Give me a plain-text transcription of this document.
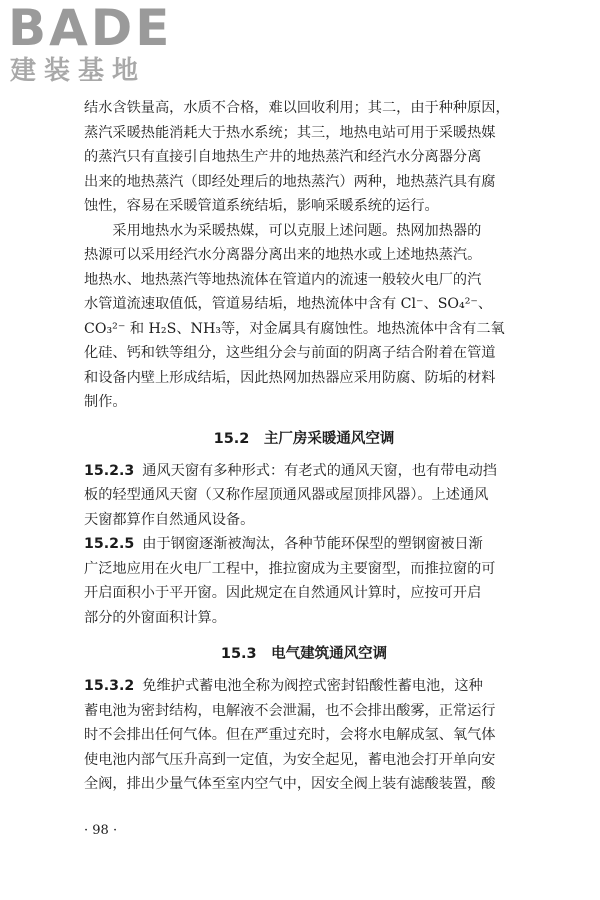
BADE
建装基地

结水含铁量高，水质不合格，难以回收利用；其二，由于种种原因，
蒸汽采暖热能消耗大于热水系统；其三，地热电站可用于采暖热媒
的蒸汽只有直接引自地热生产井的地热蒸汽和经汽水分离器分离
出来的地热蒸汽（即经处理后的地热蒸汽）两种，地热蒸汽具有腐
蚀性，容易在采暖管道系统结垢，影响采暖系统的运行。

　　采用地热水为采暖热媒，可以克服上述问题。热网加热器的
热源可以采用经汽水分离器分离出来的地热水或上述地热蒸汽。
地热水、地热蒸汽等地热流体在管道内的流速一般较火电厂的汽
水管道流速取值低，管道易结垢，地热流体中含有 Cl⁻、SO₄²⁻、
CO₃²⁻ 和 H₂S、NH₃等，对金属具有腐蚀性。地热流体中含有二氧
化硅、钙和铁等组分，这些组分会与前面的阴离子结合附着在管道
和设备内壁上形成结垢，因此热网加热器应采用防腐、防垢的材料
制作。

15.2　主厂房采暖通风空调

15.2.3 通风天窗有多种形式：有老式的通风天窗，也有带电动挡
板的轻型通风天窗（又称作屋顶通风器或屋顶排风器）。上述通风
天窗都算作自然通风设备。

15.2.5 由于钢窗逐渐被淘汰，各种节能环保型的塑钢窗被日渐
广泛地应用在火电厂工程中，推拉窗成为主要窗型，而推拉窗的可
开启面积小于平开窗。因此规定在自然通风计算时，应按可开启
部分的外窗面积计算。

15.3　电气建筑通风空调

15.3.2 免维护式蓄电池全称为阀控式密封铅酸性蓄电池，这种
蓄电池为密封结构，电解液不会泄漏，也不会排出酸雾，正常运行
时不会排出任何气体。但在严重过充时，会将水电解成氢、氧气体
使电池内部气压升高到一定值，为安全起见，蓄电池会打开单向安
全阀，排出少量气体至室内空气中，因安全阀上装有滤酸装置，酸

· 98 ·
